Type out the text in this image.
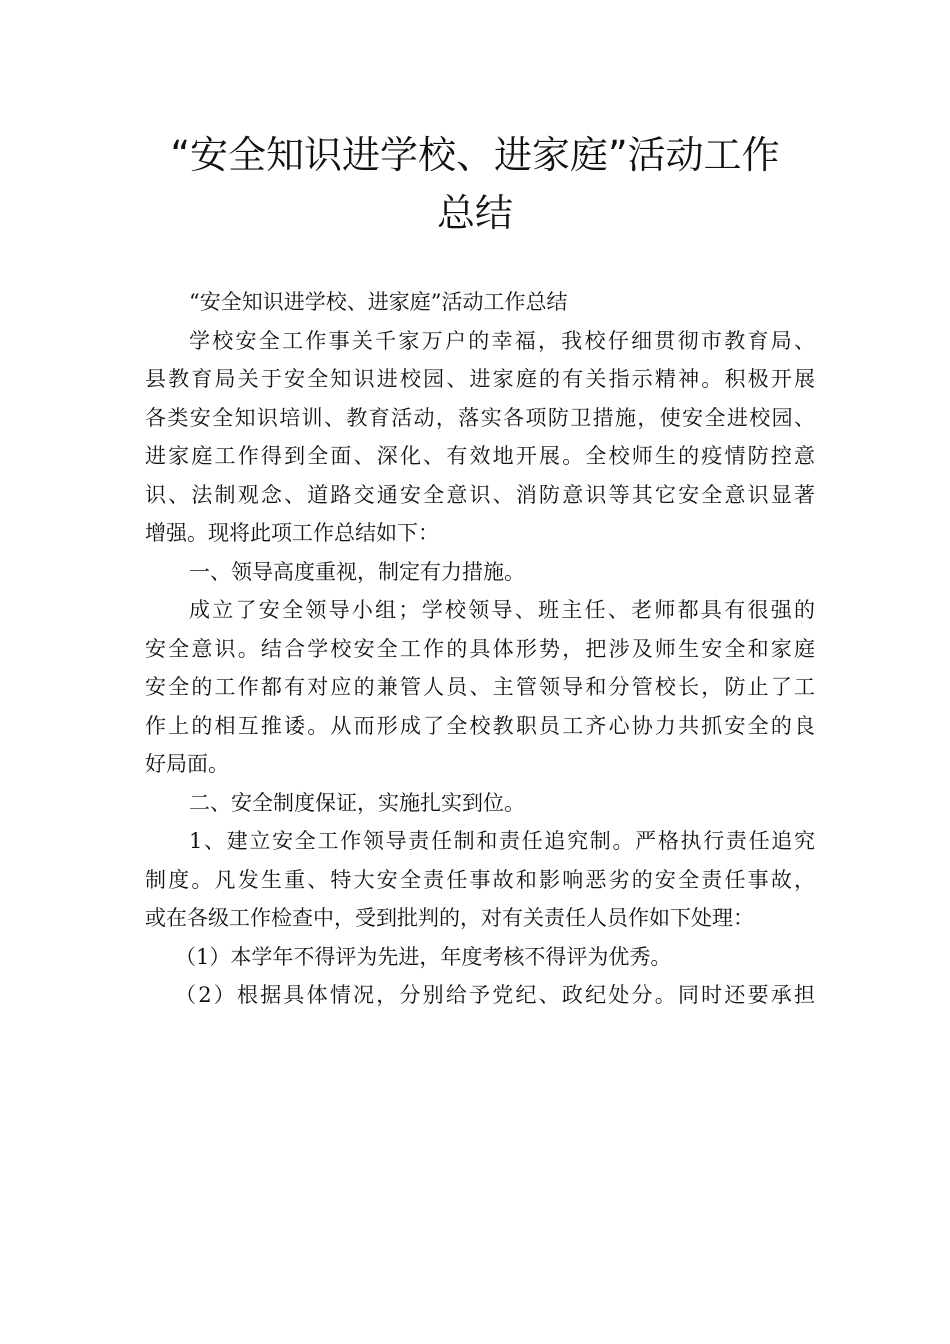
“安全知识进学校、进家庭”活动工作
总结
“安全知识进学校、进家庭”活动工作总结
学校安全工作事关千家万户的幸福，我校仔细贯彻市教育局、
县教育局关于安全知识进校园、进家庭的有关指示精神。积极开展
各类安全知识培训、教育活动，落实各项防卫措施，使安全进校园、
进家庭工作得到全面、深化、有效地开展。全校师生的疫情防控意
识、法制观念、道路交通安全意识、消防意识等其它安全意识显著
增强。现将此项工作总结如下：
一、领导高度重视，制定有力措施。
成立了安全领导小组；学校领导、班主任、老师都具有很强的
安全意识。结合学校安全工作的具体形势，把涉及师生安全和家庭
安全的工作都有对应的兼管人员、主管领导和分管校长，防止了工
作上的相互推诿。从而形成了全校教职员工齐心协力共抓安全的良
好局面。
二、安全制度保证，实施扎实到位。
1、建立安全工作领导责任制和责任追究制。严格执行责任追究
制度。凡发生重、特大安全责任事故和影响恶劣的安全责任事故，
或在各级工作检查中，受到批判的，对有关责任人员作如下处理：
（1）本学年不得评为先进，年度考核不得评为优秀。
（2）根据具体情况，分别给予党纪、政纪处分。同时还要承担
